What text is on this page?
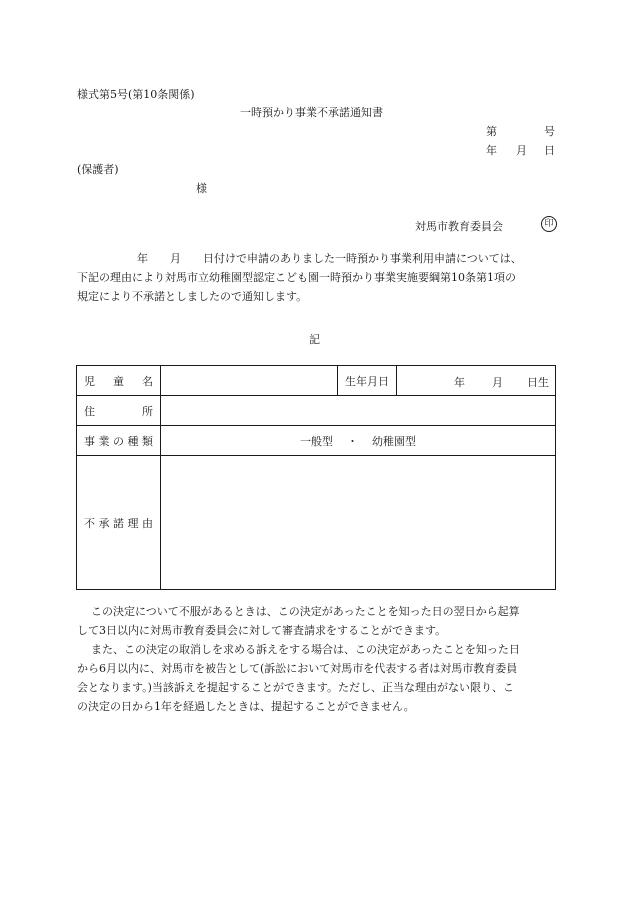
様式第5号(第10条関係)
一時預かり事業不承諾通知書
第	号
年 月 日
(保護者)
様
対馬市教育委員会	印
年 月 日付けで申請のありました一時預かり事業利用申請については、
下記の理由により対馬市立幼稚園型認定こども園一時預かり事業実施要綱第10条第1項の
規定により不承諾としましたので通知します。
記
児 童 名		生年月日	年 月 日生

住 所			

事 業 の 種 類	一般型 ・ 幼稚園型		

不 承 諾 理 由			

この決定について不服があるときは、この決定があったことを知った日の翌日から起算
して3日以内に対馬市教育委員会に対して審査請求をすることができます。
また、この決定の取消しを求める訴えをする場合は、この決定があったことを知った日
から6月以内に、対馬市を被告として(訴訟において対馬市を代表する者は対馬市教育委員
会となります。)当該訴えを提起することができます。ただし、正当な理由がない限り、こ
の決定の日から1年を経過したときは、提起することができません。
